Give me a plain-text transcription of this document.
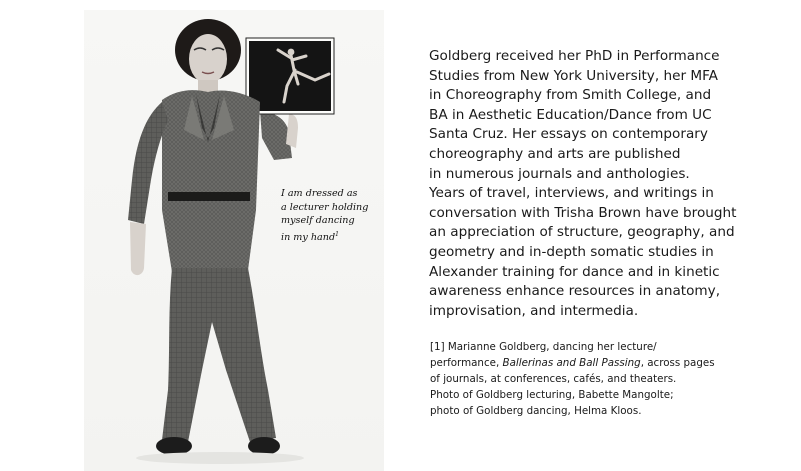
I am dressed as
a lecturer holding
myself dancing
in my hand$^1$
Goldberg received her PhD in Performance
Studies from New York University, her MFA
in Choreography from Smith College, and
BA in Aesthetic Education/Dance from UC
Santa Cruz. Her essays on contemporary
choreography and arts are published
in numerous journals and anthologies.
Years of travel, interviews, and writings in
conversation with Trisha Brown have brought
an appreciation of structure, geography, and
geometry and in-depth somatic studies in
Alexander training for dance and in kinetic
awareness enhance resources in anatomy,
improvisation, and intermedia.
[1] Marianne Goldberg, dancing her lecture/
performance, Ballerinas and Ball Passing, across pages
of journals, at conferences, cafés, and theaters.
Photo of Goldberg lecturing, Babette Mangolte;
photo of Goldberg dancing, Helma Kloos.
